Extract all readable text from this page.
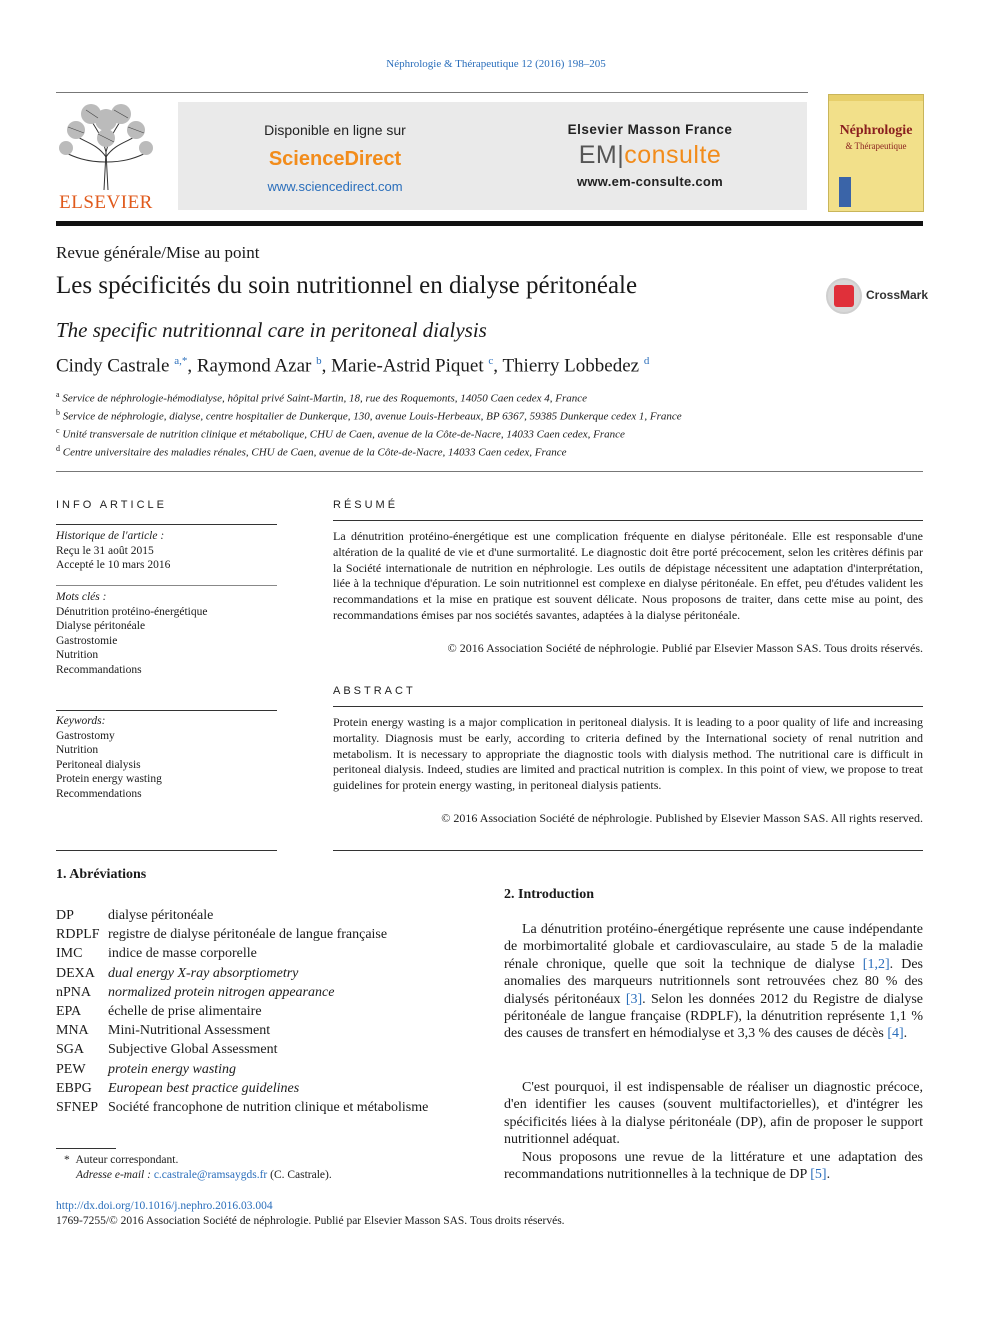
Néphrologie & Thérapeutique 12 (2016) 198–205
ELSEVIER
Disponible en ligne sur
ScienceDirect
www.sciencedirect.com
Elsevier Masson France
EM|consulte
www.em-consulte.com
Néphrologie
& Thérapeutique
Revue générale/Mise au point
Les spécificités du soin nutritionnel en dialyse péritonéale
The specific nutritionnal care in peritoneal dialysis
CrossMark
Cindy Castrale $^{a,*}$, Raymond Azar $^b$, Marie-Astrid Piquet $^c$, Thierry Lobbedez $^d$
$^a$ Service de néphrologie-hémodialyse, hôpital privé Saint-Martin, 18, rue des Roquemonts, 14050 Caen cedex 4, France
$^b$ Service de néphrologie, dialyse, centre hospitalier de Dunkerque, 130, avenue Louis-Herbeaux, BP 6367, 59385 Dunkerque cedex 1, France
$^c$ Unité transversale de nutrition clinique et métabolique, CHU de Caen, avenue de la Côte-de-Nacre, 14033 Caen cedex, France
$^d$ Centre universitaire des maladies rénales, CHU de Caen, avenue de la Côte-de-Nacre, 14033 Caen cedex, France
INFO ARTICLE
Historique de l'article :
Reçu le 31 août 2015
Accepté le 10 mars 2016
Mots clés :
Dénutrition protéino-énergétique
Dialyse péritonéale
Gastrostomie
Nutrition
Recommandations
Keywords:
Gastrostomy
Nutrition
Peritoneal dialysis
Protein energy wasting
Recommendations
RÉSUMÉ
La dénutrition protéino-énergétique est une complication fréquente en dialyse péritonéale. Elle est responsable d'une altération de la qualité de vie et d'une surmortalité. Le diagnostic doit être porté précocement, selon les critères définis par la Société internationale de nutrition en néphrologie. Les outils de dépistage nécessitent une adaptation d'interprétation, liée à la technique d'épuration. Le soin nutritionnel est complexe en dialyse péritonéale. En effet, peu d'études valident les recommandations et la mise en pratique est souvent délicate. Nous proposons de traiter, dans cette mise au point, des recommandations émises par nos sociétés savantes, adaptées à la dialyse péritonéale.
© 2016 Association Société de néphrologie. Publié par Elsevier Masson SAS. Tous droits réservés.
ABSTRACT
Protein energy wasting is a major complication in peritoneal dialysis. It is leading to a poor quality of life and increasing mortality. Diagnosis must be early, according to criteria defined by the International society of renal nutrition and metabolism. It is necessary to appropriate the diagnostic tools with dialysis method. The nutritional care is difficult in peritoneal dialysis. Indeed, studies are limited and practical nutrition is complex. In this point of view, we propose to treat guidelines for protein energy wasting, in peritoneal dialysis patients.
© 2016 Association Société de néphrologie. Published by Elsevier Masson SAS. All rights reserved.
1. Abréviations
DP	dialyse péritonéale
RDPLF registre de dialyse péritonéale de langue française
IMC	indice de masse corporelle
DEXA dual energy X-ray absorptiometry
nPNA	normalized protein nitrogen appearance
EPA	échelle de prise alimentaire
MNA	Mini-Nutritional Assessment
SGA	Subjective Global Assessment
PEW	protein energy wasting
EBPG	European best practice guidelines
SFNEP Société francophone de nutrition clinique et métabolisme
* Auteur correspondant.
Adresse e-mail : c.castrale@ramsaygds.fr (C. Castrale).
2. Introduction
La dénutrition protéino-énergétique représente une cause indépendante de morbimortalité globale et cardiovasculaire, au stade 5 de la maladie rénale chronique, quelle que soit la technique de dialyse [1,2]. Des anomalies des marqueurs nutritionnels sont retrouvées chez 80 % des dialysés péritonéaux [3]. Selon les données 2012 du Registre de dialyse péritonéale de langue française (RDPLF), la dénutrition représente 1,1 % des causes de transfert en hémodialyse et 3,3 % des causes de décès [4].
C'est pourquoi, il est indispensable de réaliser un diagnostic précoce, d'en identifier les causes (souvent multifactorielles), et d'intégrer les spécificités liées à la dialyse péritonéale (DP), afin de proposer le support nutritionnel adéquat.
Nous proposons une revue de la littérature et une adaptation des recommandations nutritionnelles à la technique de DP [5].
http://dx.doi.org/10.1016/j.nephro.2016.03.004
1769-7255/© 2016 Association Société de néphrologie. Publié par Elsevier Masson SAS. Tous droits réservés.
